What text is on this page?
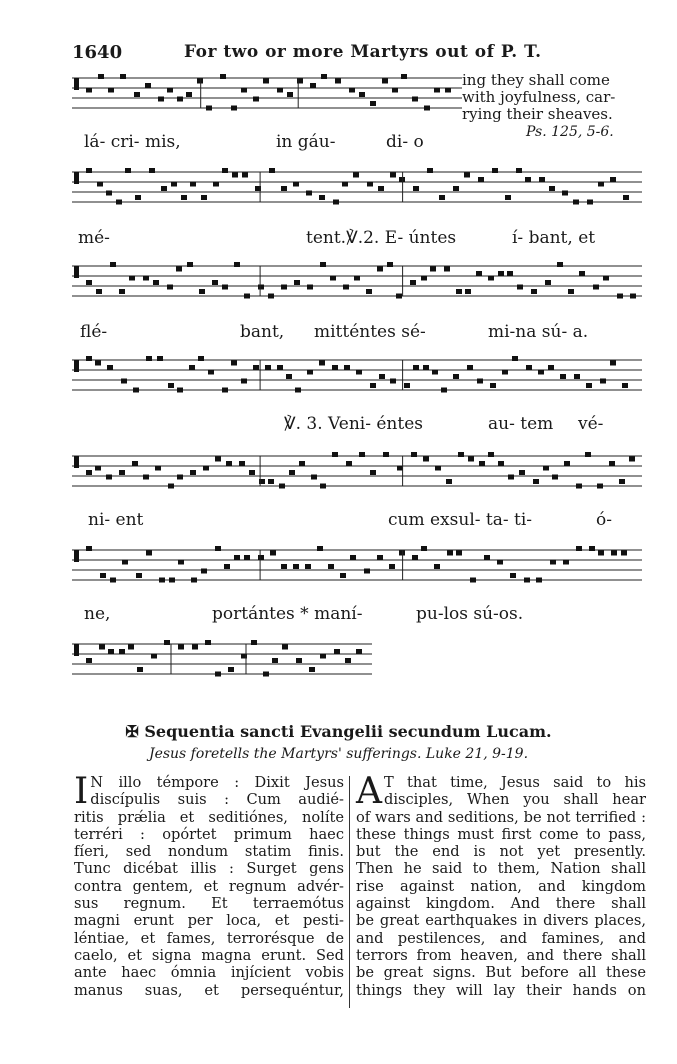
1640	For two or more Martyrs out of P. T.
ing they shall come
with joyfulness, car-
rying their sheaves.
Ps. 125, 5-6.
lá- cri- mis,	in gáu-	di- o
mé-	tent.℣.2. E- úntes	í- bant, et
flé-	bant, mitténtes sé-	mi-na sú- a.
℣. 3. Veni- éntes	au- tem vé-
ni- ent	cum exsul- ta- ti-	ó-
ne,	portántes * maní-	pu-los sú-os.
✠ Sequentia sancti Evangelii secundum Lucam.
Jesus foretells the Martyrs' sufferings. Luke 21, 9-19.
I N illo témpore : Dixit Jesus
discípulis suis : Cum audié-
ritis prǽlia et seditiónes, nolíte
terréri : opórtet primum haec
fíeri, sed nondum statim finis.
Tunc dicébat illis : Surget gens
contra gentem, et regnum advér-
sus regnum. Et terraemótus
magni erunt per loca, et pesti-
léntiae, et fames, terrorésque de
caelo, et signa magna erunt. Sed
ante haec ómnia injícient vobis
manus suas, et persequéntur,
A T that time, Jesus said to his
disciples, When you shall hear
of wars and seditions, be not terrified :
these things must first come to pass,
but the end is not yet presently.
Then he said to them, Nation shall
rise against nation, and kingdom
against kingdom. And there shall
be great earthquakes in divers places,
and pestilences, and famines, and
terrors from heaven, and there shall
be great signs. But before all these
things they will lay their hands on
